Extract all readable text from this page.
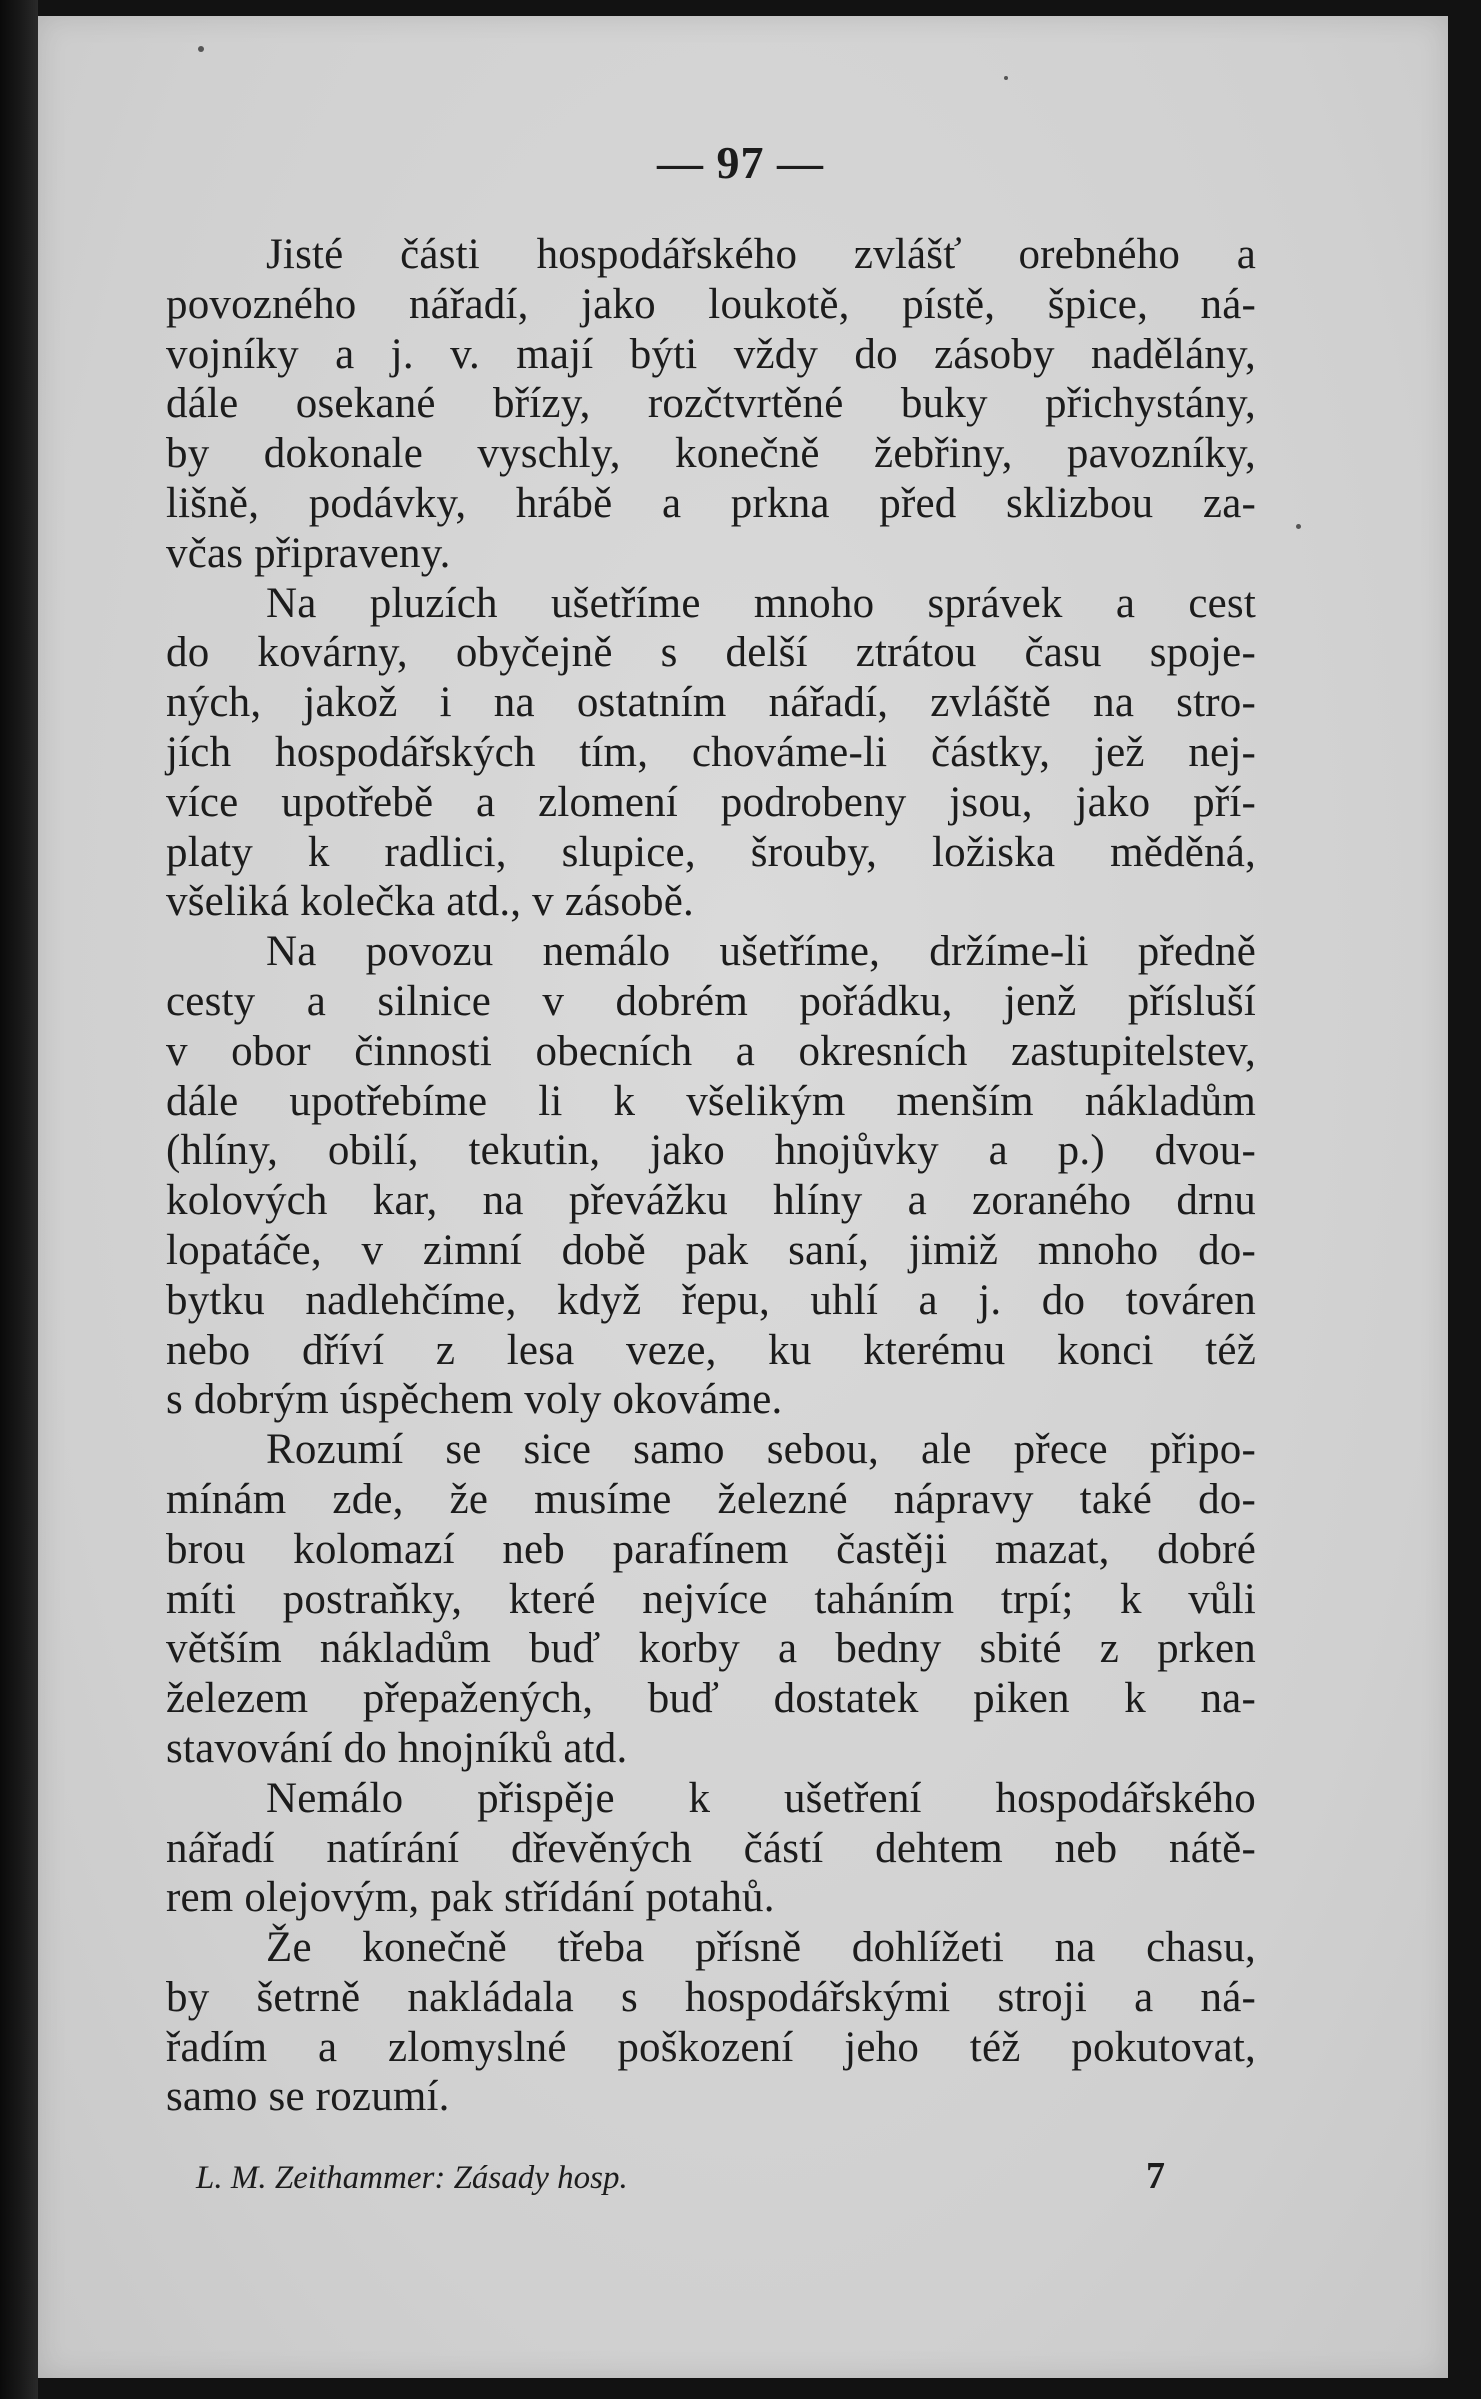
— 97 —
Jisté části hospodářského zvlášť orebného a
povozného nářadí, jako loukotě, pístě, špice, ná-
vojníky a j. v. mají býti vždy do zásoby nadělány,
dále osekané břízy, rozčtvrtěné buky přichystány,
by dokonale vyschly, konečně žebřiny, pavozníky,
lišně, podávky, hrábě a prkna před sklizbou za-
včas připraveny.
Na pluzích ušetříme mnoho správek a cest
do kovárny, obyčejně s delší ztrátou času spoje-
ných, jakož i na ostatním nářadí, zvláště na stro-
jích hospodářských tím, chováme-li částky, jež nej-
více upotřebě a zlomení podrobeny jsou, jako pří-
platy k radlici, slupice, šrouby, ložiska měděná,
všeliká kolečka atd., v zásobě.
Na povozu nemálo ušetříme, držíme-li předně
cesty a silnice v dobrém pořádku, jenž přísluší
v obor činnosti obecních a okresních zastupitelstev,
dále upotřebíme li k všelikým menším nákladům
(hlíny, obilí, tekutin, jako hnojůvky a p.) dvou-
kolových kar, na převážku hlíny a zoraného drnu
lopatáče, v zimní době pak saní, jimiž mnoho do-
bytku nadlehčíme, když řepu, uhlí a j. do továren
nebo dříví z lesa veze, ku kterému konci též
s dobrým úspěchem voly okováme.
Rozumí se sice samo sebou, ale přece připo-
mínám zde, že musíme železné nápravy také do-
brou kolomazí neb parafínem častěji mazat, dobré
míti postraňky, které nejvíce taháním trpí; k vůli
větším nákladům buď korby a bedny sbité z prken
železem přepažených, buď dostatek piken k na-
stavování do hnojníků atd.
Nemálo přispěje k ušetření hospodářského
nářadí natírání dřevěných částí dehtem neb nátě-
rem olejovým, pak střídání potahů.
Že konečně třeba přísně dohlížeti na chasu,
by šetrně nakládala s hospodářskými stroji a ná-
řadím a zlomyslné poškození jeho též pokutovat,
samo se rozumí.
L. M. Zeithammer: Zásady hosp.	7
